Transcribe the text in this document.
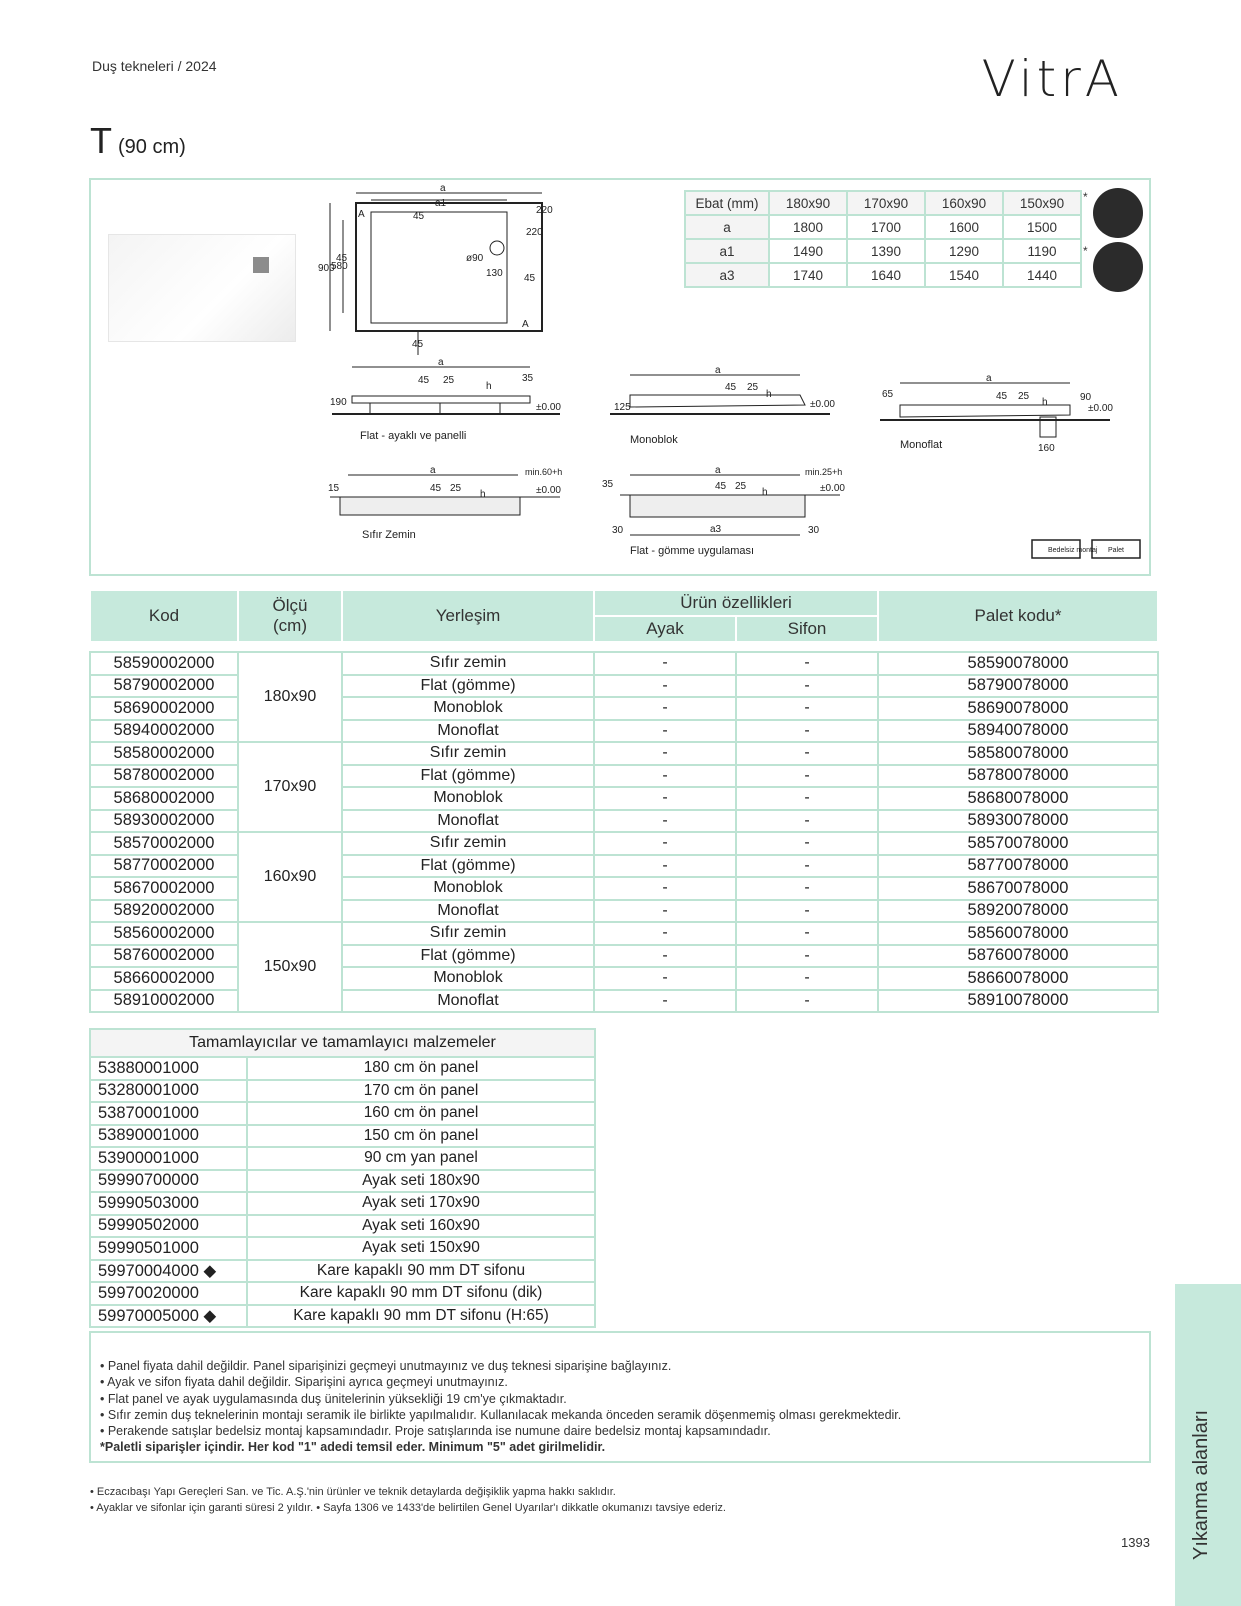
Duş tekneleri / 2024	VitrA
T (90 cm)
a
a1
A
A
220
220
45
45
45
45
900
580
ø90
130
a
45 25
h
35
190	±0.00
Flat - ayaklı ve panelli
a
45 25
h
125	±0.00
Monoblok
a
45 25
h
65	90
160
±0.00
Monoflat
a
45 25
h
15
min.60+h
±0.00
Sıfır Zemin
a
a3
45 25
h
35
30	30
min.25+h
±0.00
Flat - gömme uygulaması	Bedelsiz montaj Palet
Ebat (mm)	180x90	170x90	160x90	150x90
a	1800	1700	1600	1500
a1	1490	1390	1290	1190
a3	1740	1640	1540	1440
*
*
Kod	Ölçü
(cm)	Yerleşim	Ürün özellikleri		Palet kodu*
			Ayak	Sifon	

58590002000	180x90	Sıfır zemin	-	-	58590078000
58790002000		Flat (gömme)	-	-	58790078000
58690002000		Monoblok	-	-	58690078000
58940002000		Monoflat	-	-	58940078000
58580002000	170x90	Sıfır zemin	-	-	58580078000
58780002000		Flat (gömme)	-	-	58780078000
58680002000		Monoblok	-	-	58680078000
58930002000		Monoflat	-	-	58930078000
58570002000	160x90	Sıfır zemin	-	-	58570078000
58770002000		Flat (gömme)	-	-	58770078000
58670002000		Monoblok	-	-	58670078000
58920002000		Monoflat	-	-	58920078000
58560002000	150x90	Sıfır zemin	-	-	58560078000
58760002000		Flat (gömme)	-	-	58760078000
58660002000		Monoblok	-	-	58660078000
58910002000		Monoflat	-	-	58910078000
Tamamlayıcılar ve tamamlayıcı malzemeler	
53880001000	180 cm ön panel
53280001000	170 cm ön panel
53870001000	160 cm ön panel
53890001000	150 cm ön panel
53900001000	90 cm yan panel
59990700000	Ayak seti 180x90
59990503000	Ayak seti 170x90
59990502000	Ayak seti 160x90
59990501000	Ayak seti 150x90
59970004000 ◆	Kare kapaklı 90 mm DT sifonu
59970020000	Kare kapaklı 90 mm DT sifonu (dik)
59970005000 ◆	Kare kapaklı 90 mm DT sifonu (H:65)
• Panel fiyata dahil değildir. Panel siparişinizi geçmeyi unutmayınız ve duş teknesi siparişine bağlayınız.
• Ayak ve sifon fiyata dahil değildir. Siparişini ayrıca geçmeyi unutmayınız.
• Flat panel ve ayak uygulamasında duş ünitelerinin yüksekliği 19 cm'ye çıkmaktadır.
• Sıfır zemin duş teknelerinin montajı seramik ile birlikte yapılmalıdır. Kullanılacak mekanda önceden seramik döşenmemiş olması gerekmektedir.
• Perakende satışlar bedelsiz montaj kapsamındadır. Proje satışlarında ise numune daire bedelsiz montaj kapsamındadır.
*Paletli siparişler içindir. Her kod "1" adedi temsil eder. Minimum "5" adet girilmelidir.
• Eczacıbaşı Yapı Gereçleri San. ve Tic. A.Ş.'nin ürünler ve teknik detaylarda değişiklik yapma hakkı saklıdır.
• Ayaklar ve sifonlar için garanti süresi 2 yıldır. • Sayfa 1306 ve 1433'de belirtilen Genel Uyarılar'ı dikkatle okumanızı tavsiye ederiz.	Yıkanma alanları
1393
